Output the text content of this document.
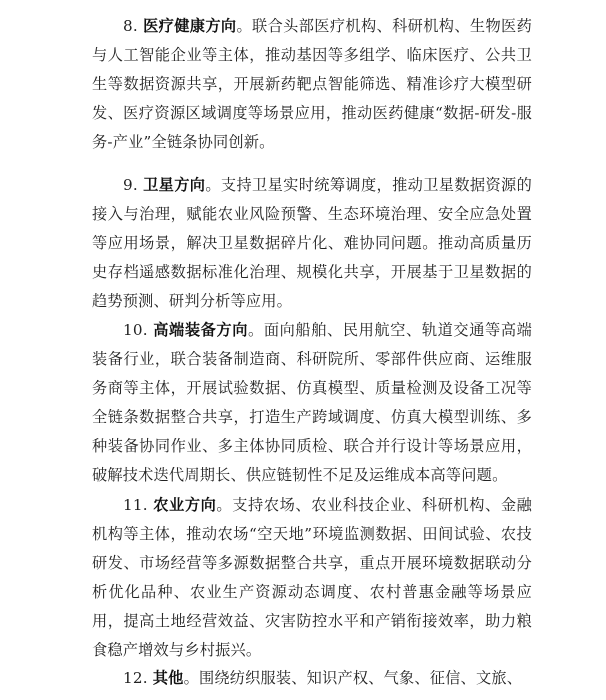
8. 医疗健康方向。联合头部医疗机构、科研机构、生物医药与人工智能企业等主体，推动基因等多组学、临床医疗、公共卫生等数据资源共享，开展新药靶点智能筛选、精准诊疗大模型研发、医疗资源区域调度等场景应用，推动医药健康“数据-研发-服务-产业”全链条协同创新。

9. 卫星方向。支持卫星实时统筹调度，推动卫星数据资源的接入与治理，赋能农业风险预警、生态环境治理、安全应急处置等应用场景，解决卫星数据碎片化、难协同问题。推动高质量历史存档遥感数据标准化治理、规模化共享，开展基于卫星数据的趋势预测、研判分析等应用。

10. 高端装备方向。面向船舶、民用航空、轨道交通等高端装备行业，联合装备制造商、科研院所、零部件供应商、运维服务商等主体，开展试验数据、仿真模型、质量检测及设备工况等全链条数据整合共享，打造生产跨域调度、仿真大模型训练、多种装备协同作业、多主体协同质检、联合并行设计等场景应用，破解技术迭代周期长、供应链韧性不足及运维成本高等问题。

11. 农业方向。支持农场、农业科技企业、科研机构、金融机构等主体，推动农场“空天地”环境监测数据、田间试验、农技研发、市场经营等多源数据整合共享，重点开展环境数据联动分析优化品种、农业生产资源动态调度、农村普惠金融等场景应用，提高土地经营效益、灾害防控水平和产销衔接效率，助力粮食稳产增效与乡村振兴。

12. 其他。围绕纺织服装、知识产权、气象、征信、文旅、
